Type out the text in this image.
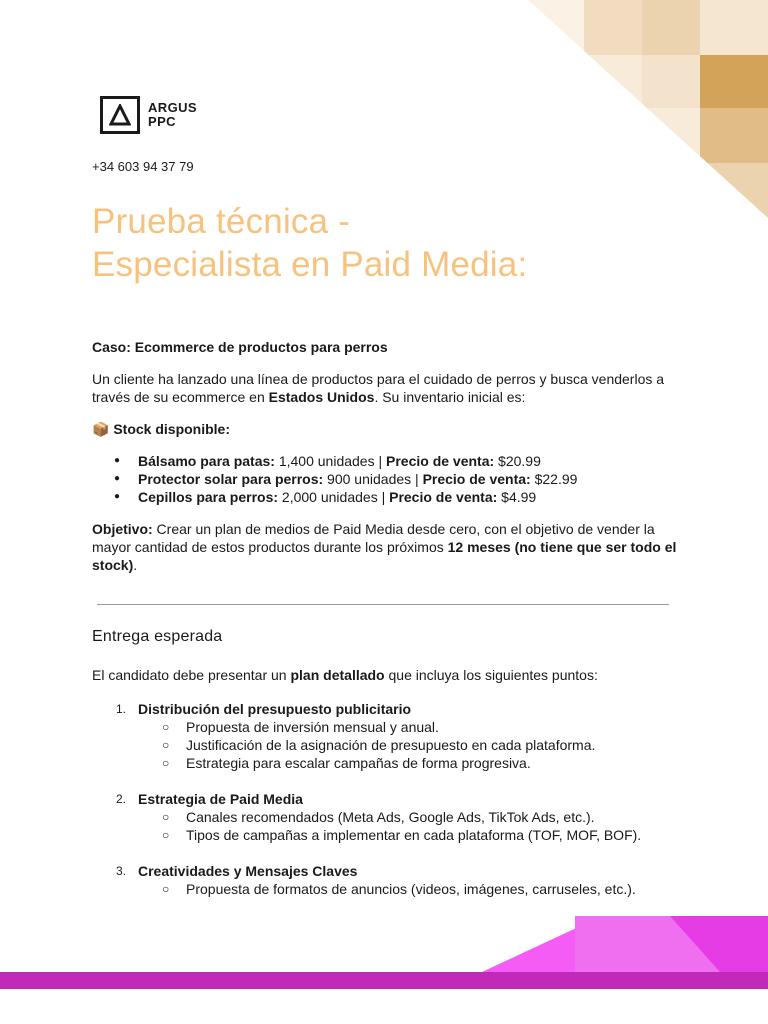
ARGUS
PPC
+34 603 94 37 79
Prueba técnica -
Especialista en Paid Media:
Caso: Ecommerce de productos para perros

Un cliente ha lanzado una línea de productos para el cuidado de perros y busca venderlos a través de su ecommerce en Estados Unidos. Su inventario inicial es:

📦 Stock disponible:
● Bálsamo para patas: 1,400 unidades | Precio de venta: $20.99
● Protector solar para perros: 900 unidades | Precio de venta: $22.99
● Cepillos para perros: 2,000 unidades | Precio de venta: $4.99

Objetivo: Crear un plan de medios de Paid Media desde cero, con el objetivo de vender la mayor cantidad de estos productos durante los próximos 12 meses (no tiene que ser todo el stock).

Entrega esperada

El candidato debe presentar un plan detallado que incluya los siguientes puntos:

1. Distribución del presupuesto publicitario
○ Propuesta de inversión mensual y anual.
○ Justificación de la asignación de presupuesto en cada plataforma.
○ Estrategia para escalar campañas de forma progresiva.
2. Estrategia de Paid Media
○ Canales recomendados (Meta Ads, Google Ads, TikTok Ads, etc.).
○ Tipos de campañas a implementar en cada plataforma (TOF, MOF, BOF).
3. Creatividades y Mensajes Claves
○ Propuesta de formatos de anuncios (videos, imágenes, carruseles, etc.).
